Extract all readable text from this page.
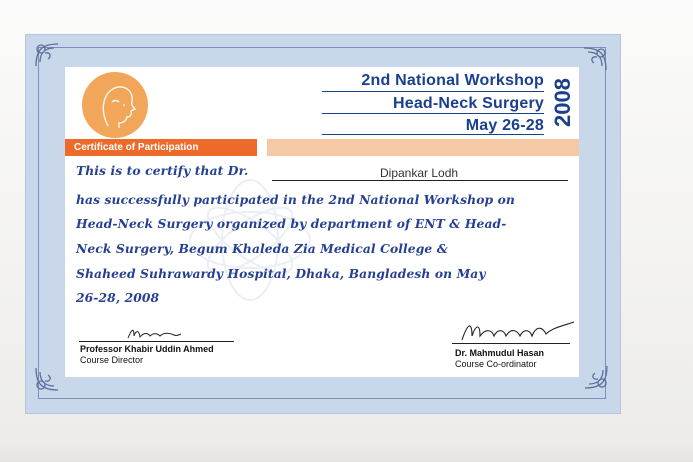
2nd National Workshop
Head-Neck Surgery
May 26-28 2008
Certificate of Participation
This is to certify that Dr.	Dipankar Lodh
has successfully participated in the 2nd National Workshop on
Head-Neck Surgery organized by department of ENT & Head-
Neck Surgery, Begum Khaleda Zia Medical College &
Shaheed Suhrawardy Hospital, Dhaka, Bangladesh on May
26-28, 2008
Professor Khabir Uddin Ahmed
Course Director
Dr. Mahmudul Hasan
Course Co-ordinator
